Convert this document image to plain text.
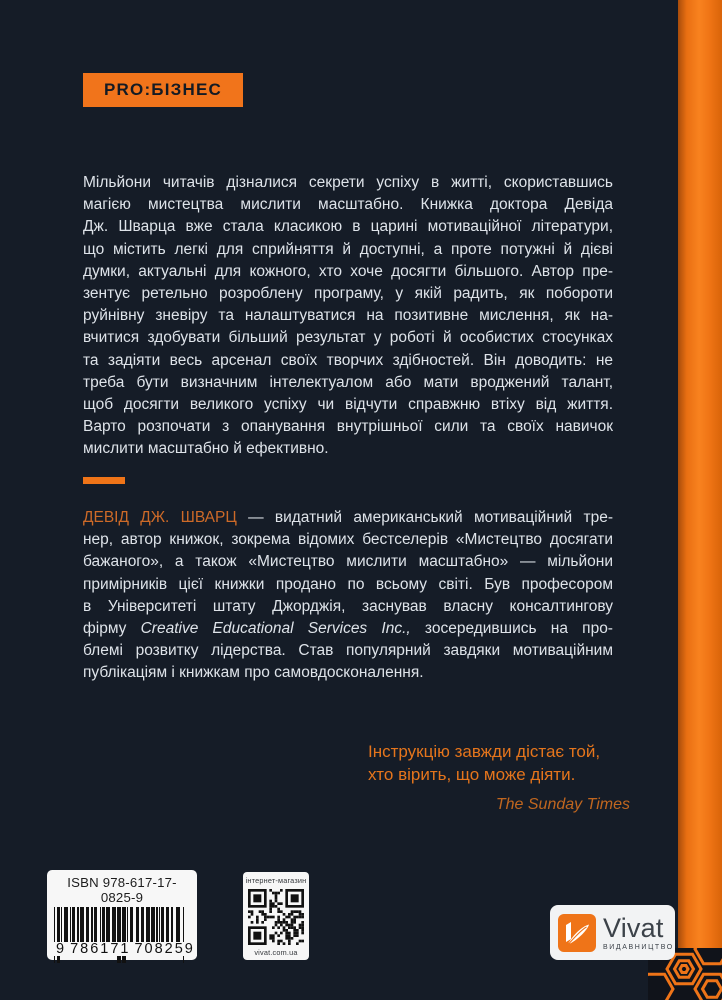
PRO:БІЗНЕС
Мільйони читачів дізналися секрети успіху в житті, скориставшись
магією мистецтва мислити масштабно. Книжка доктора Девіда
Дж. Шварца вже стала класикою в царині мотиваційної літератури,
що містить легкі для сприйняття й доступні, а проте потужні й дієві
думки, актуальні для кожного, хто хоче досягти більшого. Автор пре-
зентує ретельно розроблену програму, у якій радить, як побороти
руйнівну зневіру та налаштуватися на позитивне мислення, як на-
вчитися здобувати більший результат у роботі й особистих стосунках
та задіяти весь арсенал своїх творчих здібностей. Він доводить: не
треба бути визначним інтелектуалом або мати вроджений талант,
щоб досягти великого успіху чи відчути справжню втіху від життя.
Варто розпочати з опанування внутрішньої сили та своїх навичок
мислити масштабно й ефективно.
ДЕВІД ДЖ. ШВАРЦ — видатний американський мотиваційний тре-
нер, автор книжок, зокрема відомих бестселерів «Мистецтво досягати
бажаного», а також «Мистецтво мислити масштабно» — мільйони
примірників цієї книжки продано по всьому світі. Був професором
в Університеті штату Джорджія, заснував власну консалтингову
фірму Creative Educational Services Inc., зосередившись на про-
блемі розвитку лідерства. Став популярний завдяки мотиваційним
публікаціям і книжкам про самовдосконалення.
Інструкцію завжди дістає той,
хто вірить, що може діяти.
The Sunday Times
ISBN 978-617-17-0825-9
9 786171 708259
інтернет-магазин
vivat.com.ua
Vivat
ВИДАВНИЦТВО
